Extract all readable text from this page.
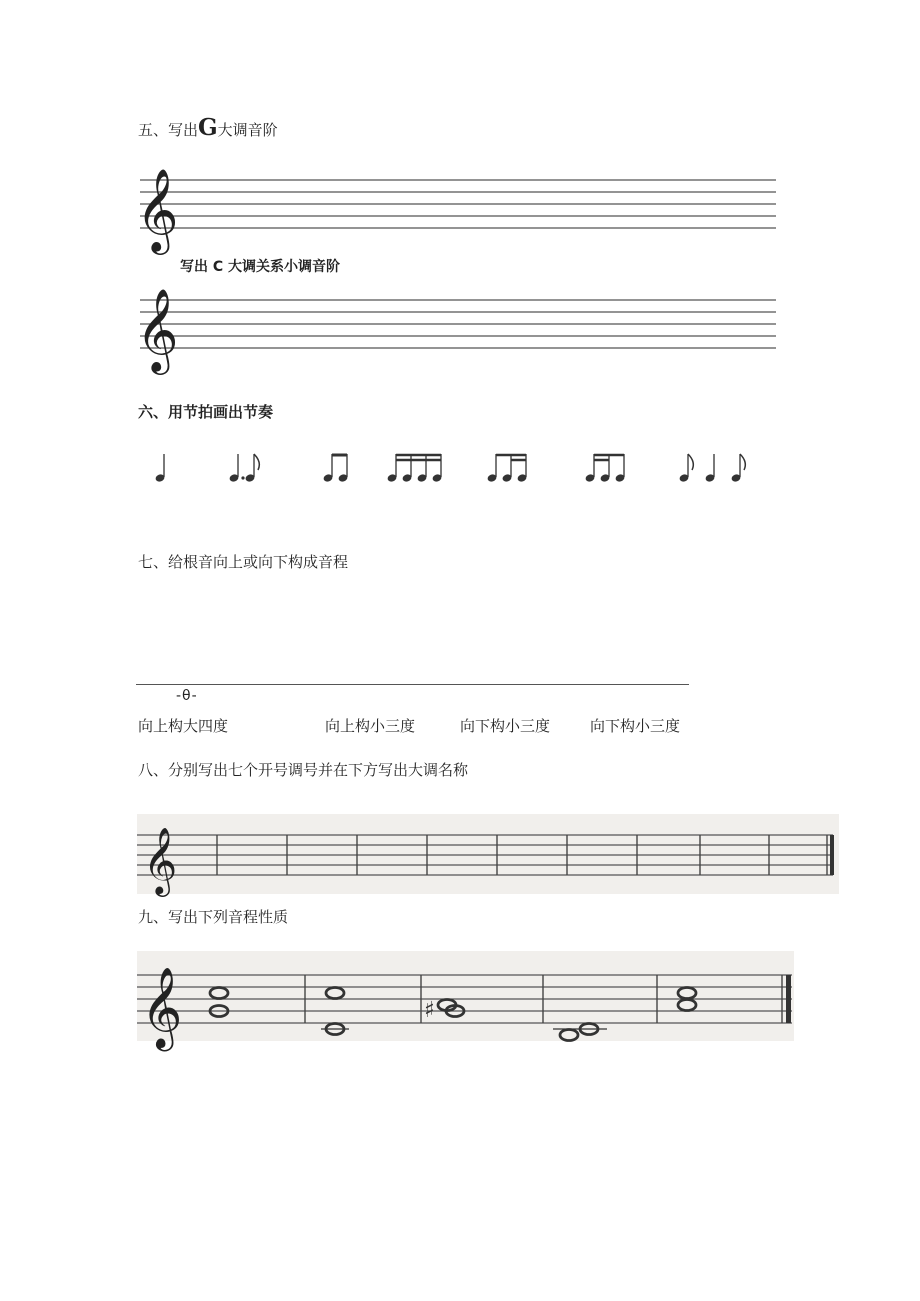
五、写出G大调音阶
𝄞
写出 C 大调关系小调音阶
𝄞
六、用节拍画出节奏
七、给根音向上或向下构成音程
-θ-
向上构大四度	向上构小三度	向下构小三度	向下构小三度
八、分别写出七个开号调号并在下方写出大调名称
𝄞
九、写出下列音程性质
𝄞	♯
